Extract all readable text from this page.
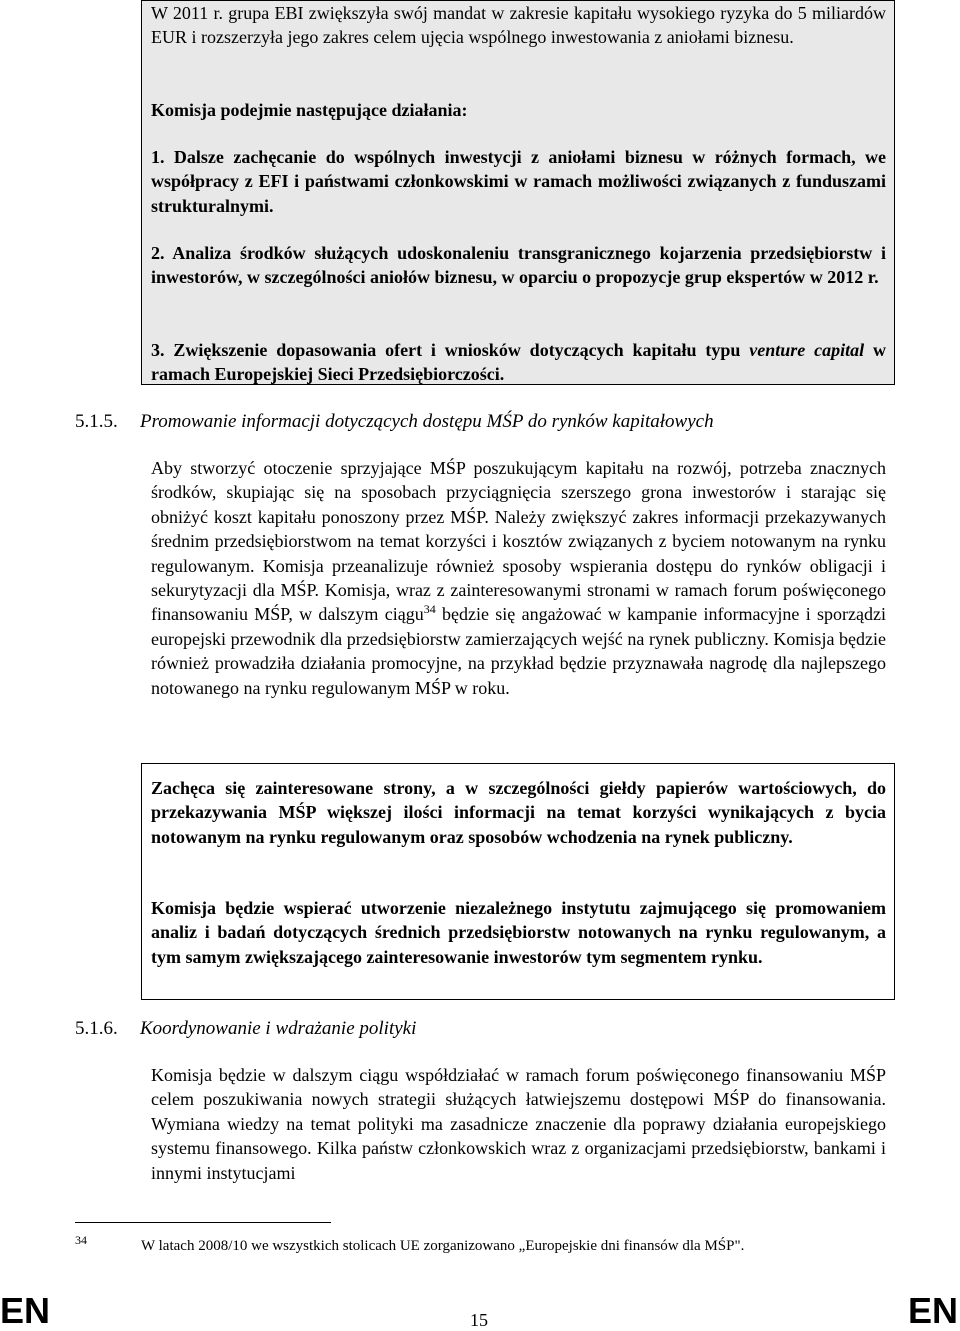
W 2011 r. grupa EBI zwiększyła swój mandat w zakresie kapitału wysokiego ryzyka do 5 miliardów EUR i rozszerzyła jego zakres celem ujęcia wspólnego inwestowania z aniołami biznesu.
Komisja podejmie następujące działania:
1. Dalsze zachęcanie do wspólnych inwestycji z aniołami biznesu w różnych formach, we współpracy z EFI i państwami członkowskimi w ramach możliwości związanych z funduszami strukturalnymi.
2. Analiza środków służących udoskonaleniu transgranicznego kojarzenia przedsiębiorstw i inwestorów, w szczególności aniołów biznesu, w oparciu o propozycje grup ekspertów w 2012 r.
3. Zwiększenie dopasowania ofert i wniosków dotyczących kapitału typu venture capital w ramach Europejskiej Sieci Przedsiębiorczości.
5.1.5. Promowanie informacji dotyczących dostępu MŚP do rynków kapitałowych
Aby stworzyć otoczenie sprzyjające MŚP poszukującym kapitału na rozwój, potrzeba znacznych środków, skupiając się na sposobach przyciągnięcia szerszego grona inwestorów i starając się obniżyć koszt kapitału ponoszony przez MŚP. Należy zwiększyć zakres informacji przekazywanych średnim przedsiębiorstwom na temat korzyści i kosztów związanych z byciem notowanym na rynku regulowanym. Komisja przeanalizuje również sposoby wspierania dostępu do rynków obligacji i sekurytyzacji dla MŚP. Komisja, wraz z zainteresowanymi stronami w ramach forum poświęconego finansowaniu MŚP, w dalszym ciągu$^{34}$ będzie się angażować w kampanie informacyjne i sporządzi europejski przewodnik dla przedsiębiorstw zamierzających wejść na rynek publiczny. Komisja będzie również prowadziła działania promocyjne, na przykład będzie przyznawała nagrodę dla najlepszego notowanego na rynku regulowanym MŚP w roku.
Zachęca się zainteresowane strony, a w szczególności giełdy papierów wartościowych, do przekazywania MŚP większej ilości informacji na temat korzyści wynikających z bycia notowanym na rynku regulowanym oraz sposobów wchodzenia na rynek publiczny.
Komisja będzie wspierać utworzenie niezależnego instytutu zajmującego się promowaniem analiz i badań dotyczących średnich przedsiębiorstw notowanych na rynku regulowanym, a tym samym zwiększającego zainteresowanie inwestorów tym segmentem rynku.
5.1.6. Koordynowanie i wdrażanie polityki
Komisja będzie w dalszym ciągu współdziałać w ramach forum poświęconego finansowaniu MŚP celem poszukiwania nowych strategii służących łatwiejszemu dostępowi MŚP do finansowania. Wymiana wiedzy na temat polityki ma zasadnicze znaczenie dla poprawy działania europejskiego systemu finansowego. Kilka państw członkowskich wraz z organizacjami przedsiębiorstw, bankami i innymi instytucjami
34	W latach 2008/10 we wszystkich stolicach UE zorganizowano „Europejskie dni finansów dla MŚP".
EN	15	EN
